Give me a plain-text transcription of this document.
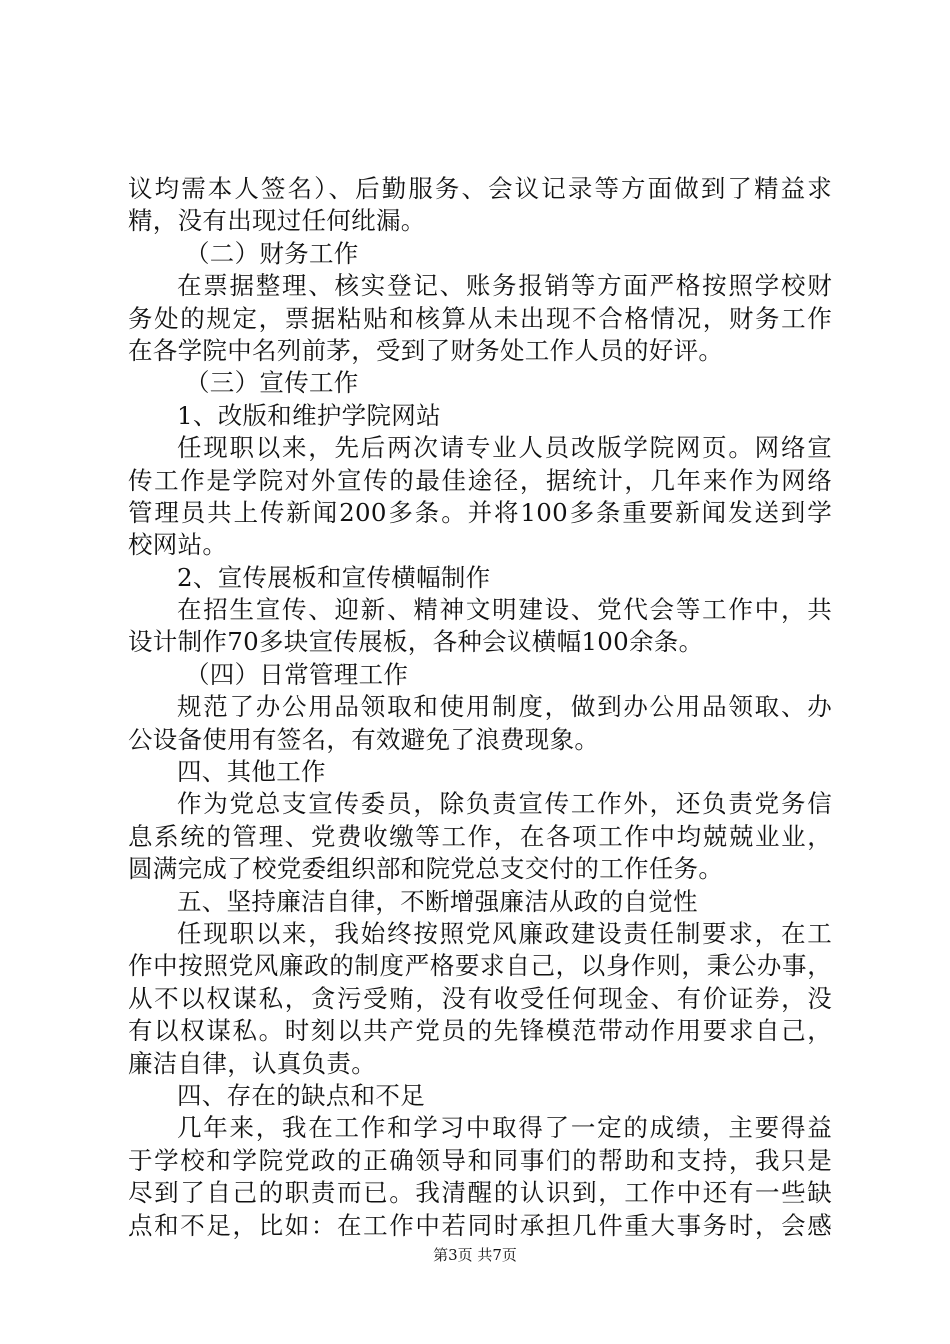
议均需本人签名）、后勤服务、会议记录等方面做到了精益求
精，没有出现过任何纰漏。
（二）财务工作
在票据整理、核实登记、账务报销等方面严格按照学校财
务处的规定，票据粘贴和核算从未出现不合格情况，财务工作
在各学院中名列前茅，受到了财务处工作人员的好评。
（三）宣传工作
1、改版和维护学院网站
任现职以来，先后两次请专业人员改版学院网页。网络宣
传工作是学院对外宣传的最佳途径，据统计，几年来作为网络
管理员共上传新闻200多条。并将100多条重要新闻发送到学
校网站。
2、宣传展板和宣传横幅制作
在招生宣传、迎新、精神文明建设、党代会等工作中，共
设计制作70多块宣传展板，各种会议横幅100余条。
（四）日常管理工作
规范了办公用品领取和使用制度，做到办公用品领取、办
公设备使用有签名，有效避免了浪费现象。
四、其他工作
作为党总支宣传委员，除负责宣传工作外，还负责党务信
息系统的管理、党费收缴等工作，在各项工作中均兢兢业业，
圆满完成了校党委组织部和院党总支交付的工作任务。
五、坚持廉洁自律，不断增强廉洁从政的自觉性
任现职以来，我始终按照党风廉政建设责任制要求，在工
作中按照党风廉政的制度严格要求自己，以身作则，秉公办事，
从不以权谋私，贪污受贿，没有收受任何现金、有价证券，没
有以权谋私。时刻以共产党员的先锋模范带动作用要求自己，
廉洁自律，认真负责。
四、存在的缺点和不足
几年来，我在工作和学习中取得了一定的成绩，主要得益
于学校和学院党政的正确领导和同事们的帮助和支持，我只是
尽到了自己的职责而已。我清醒的认识到，工作中还有一些缺
点和不足，比如：在工作中若同时承担几件重大事务时，会感
第3页 共7页
